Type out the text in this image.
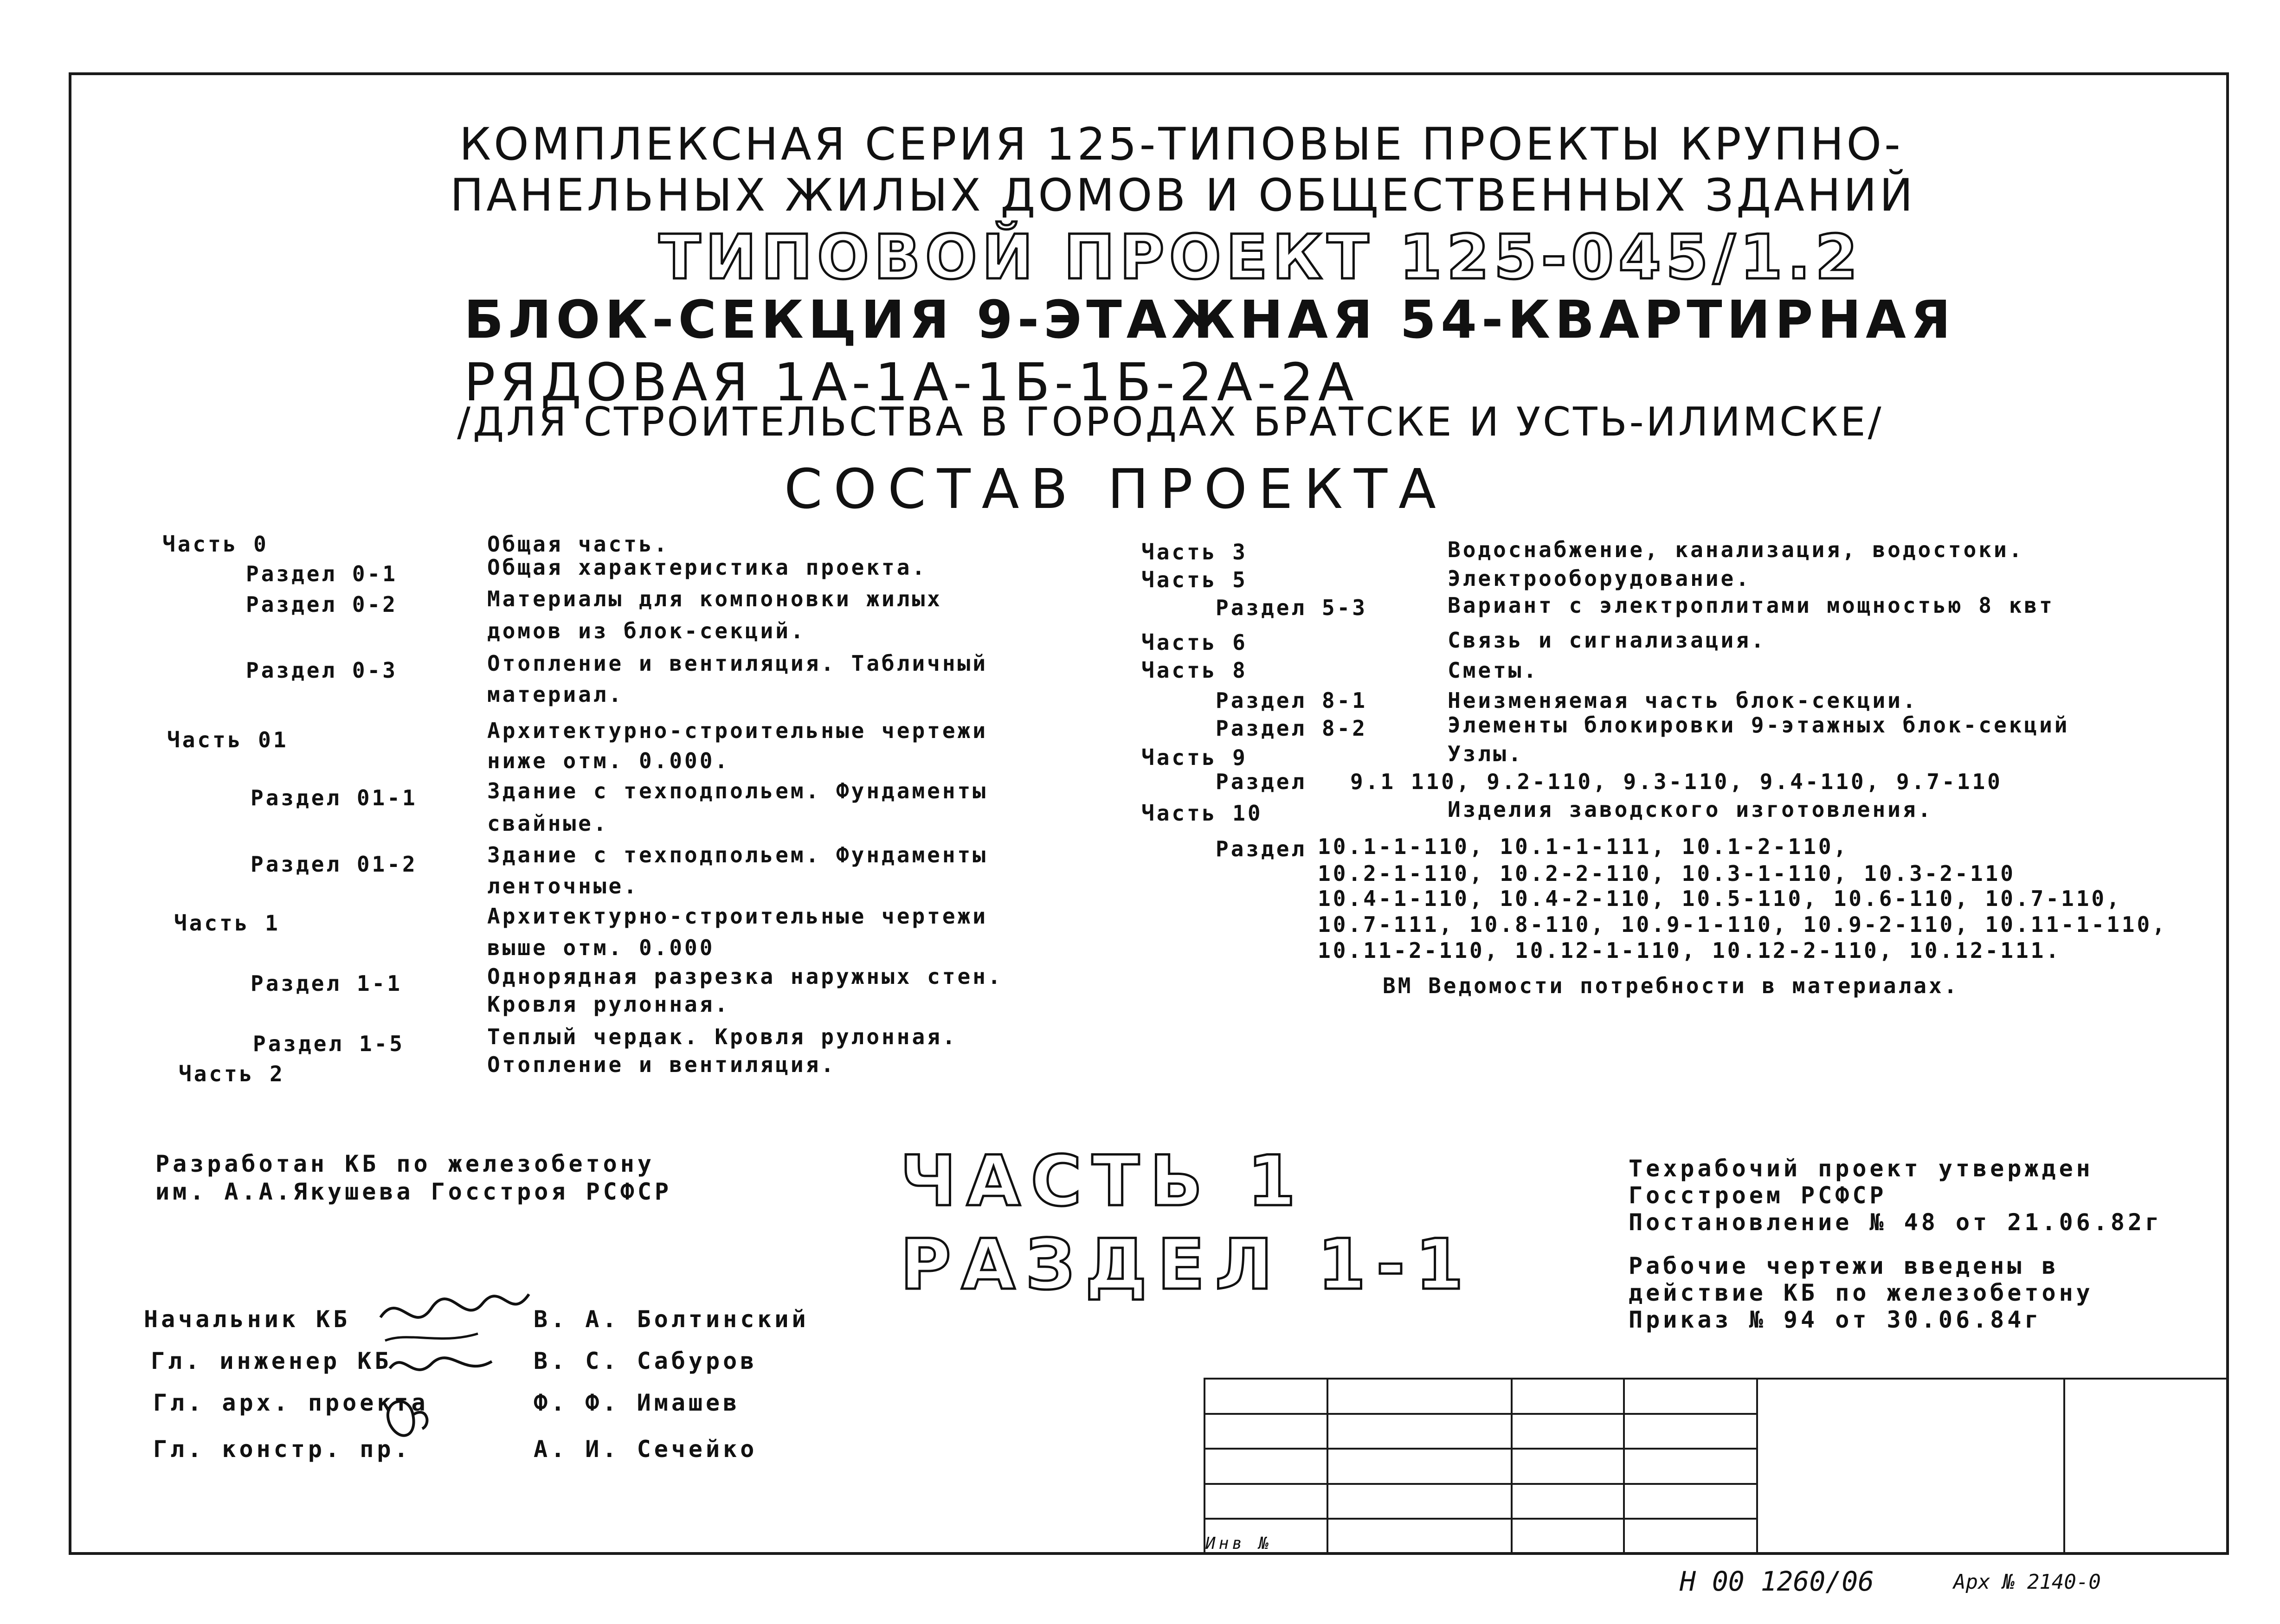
КОМПЛЕКСНАЯ СЕРИЯ 125-ТИПОВЫЕ ПРОЕКТЫ КРУПНО-
ПАНЕЛЬНЫХ ЖИЛЫХ ДОМОВ И ОБЩЕСТВЕННЫХ ЗДАНИЙ
ТИПОВОЙ ПРОЕКТ 125-045/1.2
БЛОК-СЕКЦИЯ 9-ЭТАЖНАЯ 54-КВАРТИРНАЯ
РЯДОВАЯ 1А-1А-1Б-1Б-2А-2А
/ДЛЯ СТРОИТЕЛЬСТВА В ГОРОДАХ БРАТСКЕ И УСТЬ-ИЛИМСКЕ/
СОСТАВ ПРОЕКТА
Часть 0	Общая часть.
Раздел 0-1	Общая характеристика проекта.
Раздел 0-2	Материалы для компоновки жилых
домов из блок-секций.
Раздел 0-3	Отопление и вентиляция. Табличный
материал.
Часть 01	Архитектурно-строительные чертежи
ниже отм. 0.000.
Раздел 01-1	Здание с техподпольем. Фундаменты
свайные.
Раздел 01-2	Здание с техподпольем. Фундаменты
ленточные.
Часть 1	Архитектурно-строительные чертежи
выше отм. 0.000
Раздел 1-1	Однорядная разрезка наружных стен.
Кровля рулонная.
Раздел 1-5	Теплый чердак. Кровля рулонная.
Часть 2	Отопление и вентиляция.
Часть 3	Водоснабжение, канализация, водостоки.
Часть 5	Электрооборудование.
Раздел 5-3	Вариант с электроплитами мощностью 8 квт
Часть 6	Связь и сигнализация.
Часть 8	Сметы.
Раздел 8-1	Неизменяемая часть блок-секции.
Раздел 8-2	Элементы блокировки 9-этажных блок-секций
Часть 9	Узлы.
Раздел 9.1 110, 9.2-110, 9.3-110, 9.4-110, 9.7-110
Часть 10	Изделия заводского изготовления.
Раздел 10.1-1-110, 10.1-1-111, 10.1-2-110,
10.2-1-110, 10.2-2-110, 10.3-1-110, 10.3-2-110
10.4-1-110, 10.4-2-110, 10.5-110, 10.6-110, 10.7-110,
10.7-111, 10.8-110, 10.9-1-110, 10.9-2-110, 10.11-1-110,
10.11-2-110, 10.12-1-110, 10.12-2-110, 10.12-111.
ВМ Ведомости потребности в материалах.
Разработан КБ по железобетону
им. А.А.Якушева Госстроя РСФСР	ЧАСТЬ 1
РАЗДЕЛ 1-1
Техрабочий проект утвержден
Госстроем РСФСР
Постановление № 48 от 21.06.82г
Рабочие чертежи введены в
действие КБ по железобетону
Приказ № 94 от 30.06.84г
Начальник КБ	В. А. Болтинский
Гл. инженер КБ	В. С. Сабуров
Гл. арх. проекта	Ф. Ф. Имашев
Гл. констр. пр.	А. И. Сечейко

Инв №					
Н 00 1260/06	Арх № 2140-0
